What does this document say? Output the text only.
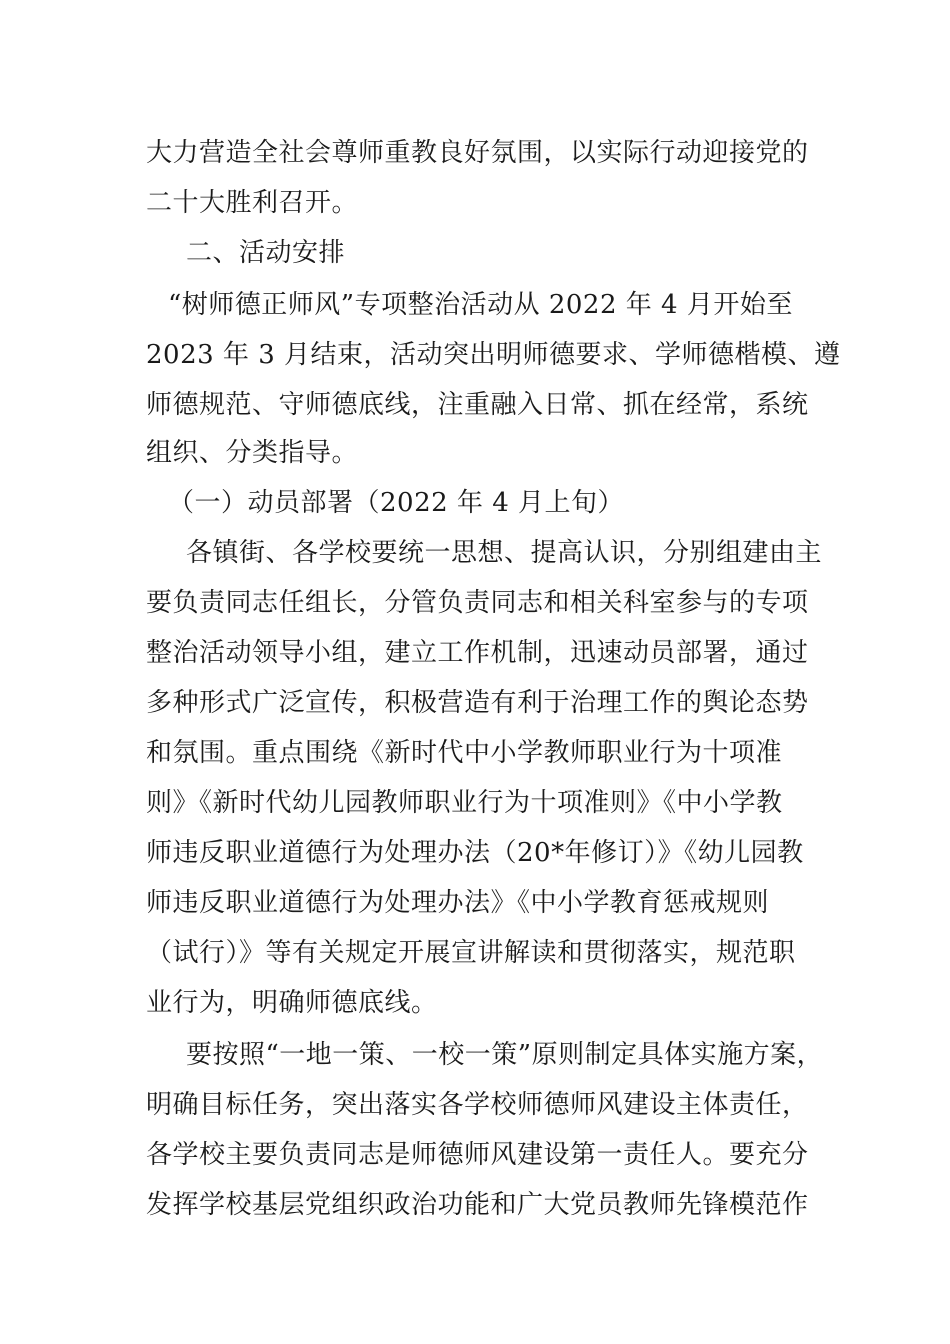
大力营造全社会尊师重教良好氛围，以实际行动迎接党的
二十大胜利召开。
二、活动安排
“树师德正师风”专项整治活动从 2022 年 4 月开始至
2023 年 3 月结束，活动突出明师德要求、学师德楷模、遵
师德规范、守师德底线，注重融入日常、抓在经常，系统
组织、分类指导。
（一）动员部署（2022 年 4 月上旬）
各镇街、各学校要统一思想、提高认识，分别组建由主
要负责同志任组长，分管负责同志和相关科室参与的专项
整治活动领导小组，建立工作机制，迅速动员部署，通过
多种形式广泛宣传，积极营造有利于治理工作的舆论态势
和氛围。重点围绕《新时代中小学教师职业行为十项准
则》《新时代幼儿园教师职业行为十项准则》《中小学教
师违反职业道德行为处理办法（20*年修订）》《幼儿园教
师违反职业道德行为处理办法》《中小学教育惩戒规则
（试行）》等有关规定开展宣讲解读和贯彻落实，规范职
业行为，明确师德底线。
要按照“一地一策、一校一策”原则制定具体实施方案，
明确目标任务，突出落实各学校师德师风建设主体责任，
各学校主要负责同志是师德师风建设第一责任人。要充分
发挥学校基层党组织政治功能和广大党员教师先锋模范作
